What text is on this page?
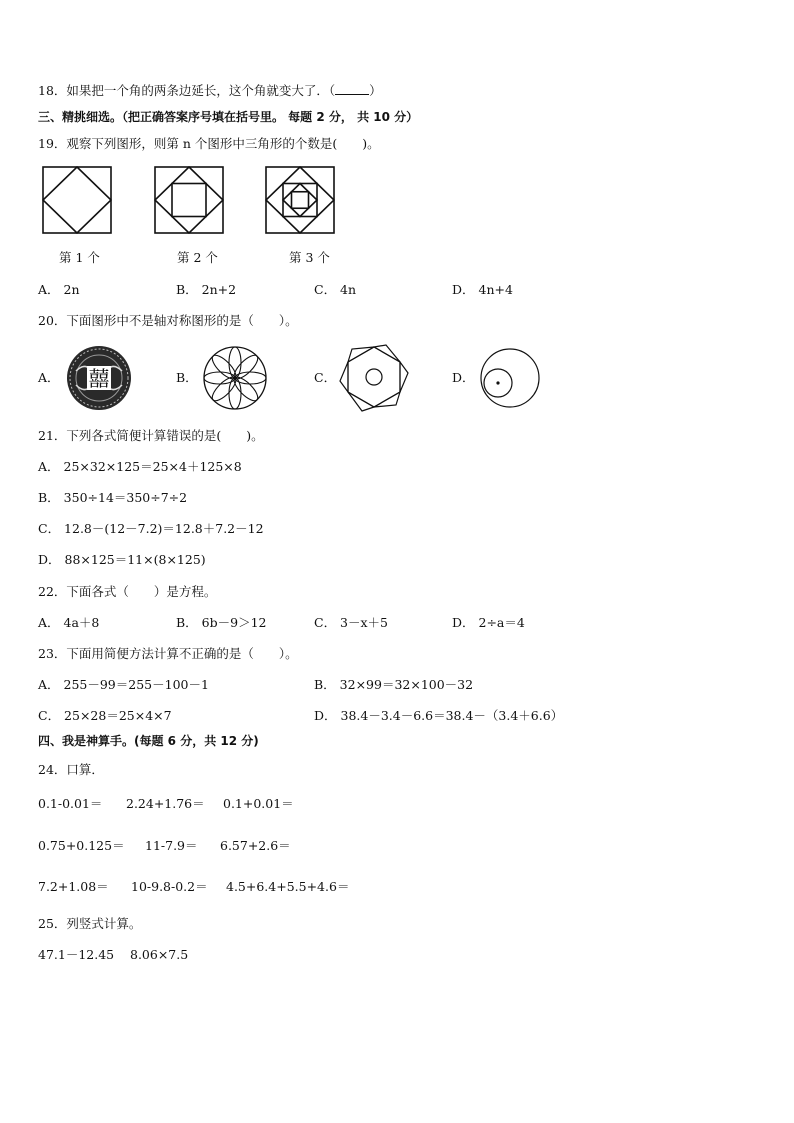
18．如果把一个角的两条边延长，这个角就变大了．（	）
三、精挑细选。（把正确答案序号填在括号里。 每题 2 分， 共 10 分）
19．观察下列图形，则第 n 个图形中三角形的个数是(　　)。
第 1 个	第 2 个	第 3 个
A． 2n	B． 2n+2	C． 4n	D． 4n+4
20．下面图形中不是轴对称图形的是（　　）。
A． 囍	B．	C．	D．
21．下列各式简便计算错误的是(　　)。
A． 25×32×125＝25×4＋125×8
B． 350÷14＝350÷7÷2
C． 12.8－(12－7.2)＝12.8＋7.2－12
D． 88×125＝11×(8×125)
22．下面各式（　　）是方程。
A． 4a＋8	B． 6b－9＞12	C． 3－x＋5	D． 2÷a＝4
23．下面用简便方法计算不正确的是（　　）。
A． 255－99＝255－100－1	B． 32×99＝32×100－32
C． 25×28＝25×4×7	D． 38.4－3.4－6.6＝38.4－（3.4＋6.6）
四、我是神算手。(每题 6 分，共 12 分)
24．口算．
0.1-0.01＝ 2.24+1.76＝ 0.1+0.01＝
0.75+0.125＝ 11-7.9＝ 6.57+2.6＝
7.2+1.08＝ 10-9.8-0.2＝ 4.5+6.4+5.5+4.6＝
25．列竖式计算。
47.1－12.45 8.06×7.5
